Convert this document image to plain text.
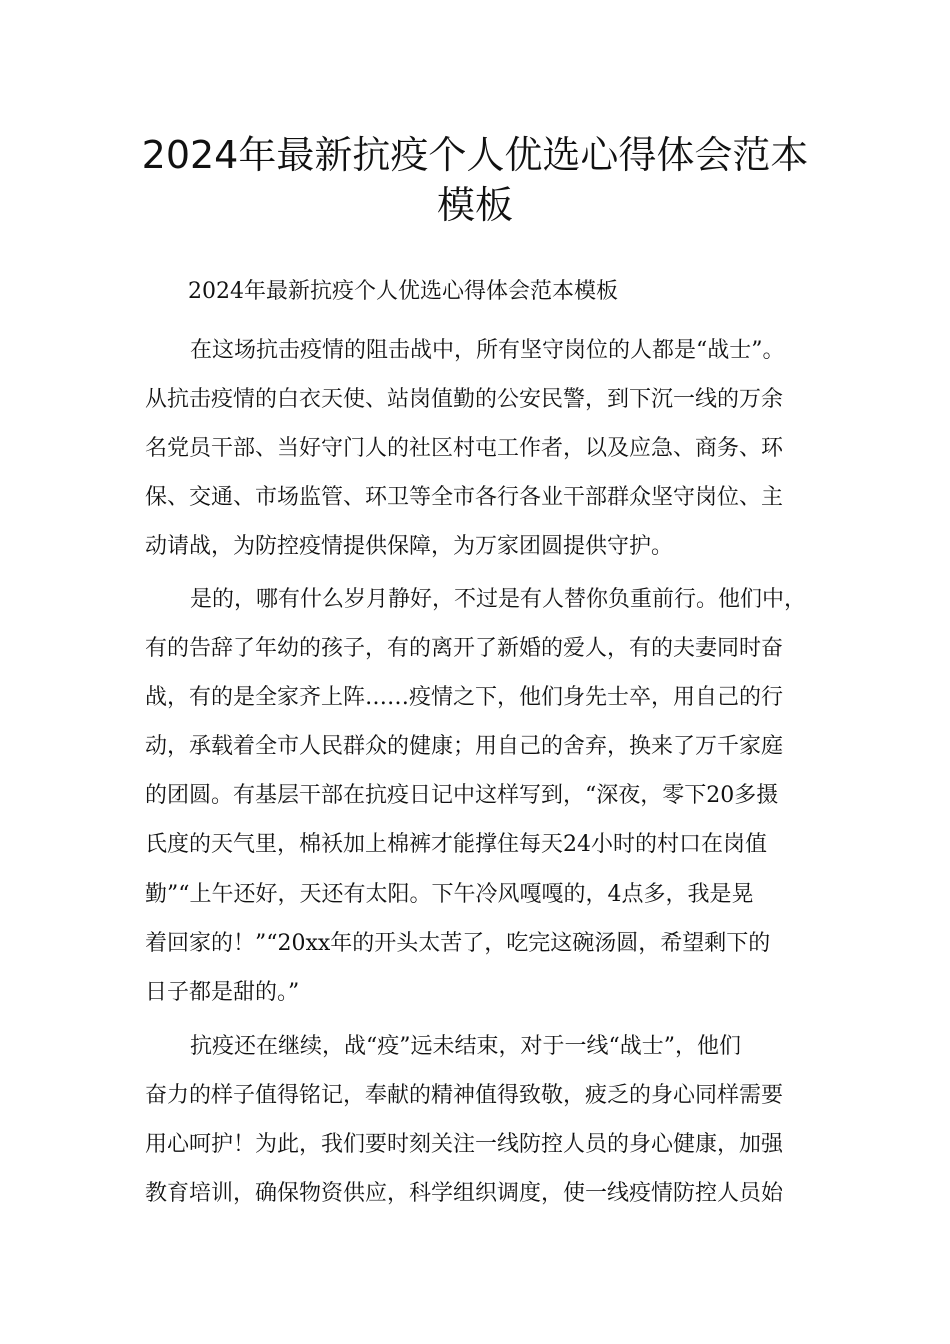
2024年最新抗疫个人优选心得体会范本
模板
2024年最新抗疫个人优选心得体会范本模板
在这场抗击疫情的阻击战中，所有坚守岗位的人都是“战士”。
从抗击疫情的白衣天使、站岗值勤的公安民警，到下沉一线的万余
名党员干部、当好守门人的社区村屯工作者，以及应急、商务、环
保、交通、市场监管、环卫等全市各行各业干部群众坚守岗位、主
动请战，为防控疫情提供保障，为万家团圆提供守护。
是的，哪有什么岁月静好，不过是有人替你负重前行。他们中，
有的告辞了年幼的孩子，有的离开了新婚的爱人，有的夫妻同时奋
战，有的是全家齐上阵……疫情之下，他们身先士卒，用自己的行
动，承载着全市人民群众的健康；用自己的舍弃，换来了万千家庭
的团圆。有基层干部在抗疫日记中这样写到，“深夜，零下20多摄
氏度的天气里，棉袄加上棉裤才能撑住每天24小时的村口在岗值
勤”“上午还好，天还有太阳。下午冷风嘎嘎的，4点多，我是晃
着回家的！”“20xx年的开头太苦了，吃完这碗汤圆，希望剩下的
日子都是甜的。”
抗疫还在继续，战“疫”远未结束，对于一线“战士”，他们
奋力的样子值得铭记，奉献的精神值得致敬，疲乏的身心同样需要
用心呵护！为此，我们要时刻关注一线防控人员的身心健康，加强
教育培训，确保物资供应，科学组织调度，使一线疫情防控人员始
